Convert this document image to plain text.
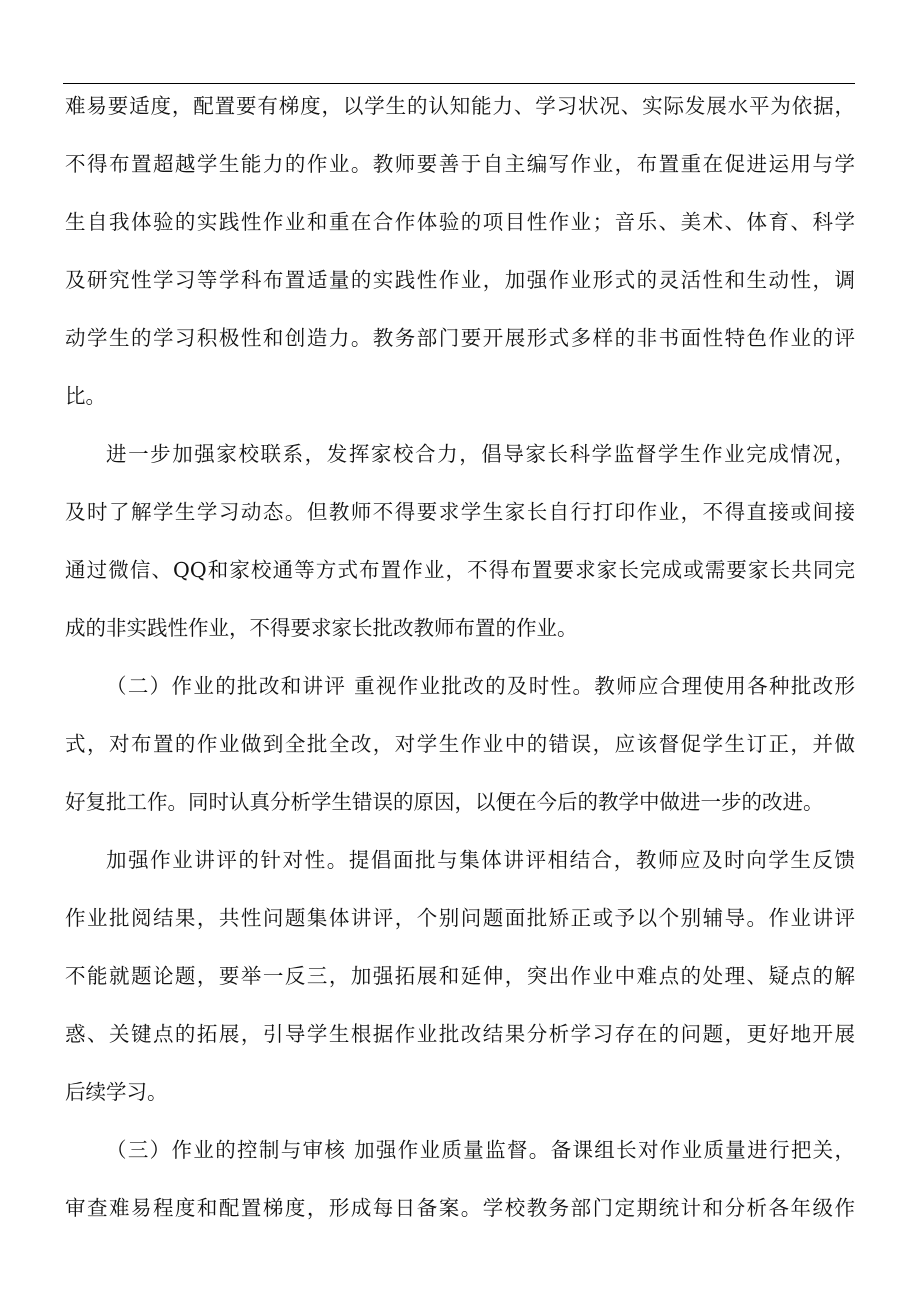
难易要适度，配置要有梯度，以学生的认知能力、学习状况、实际发展水平为依据，
不得布置超越学生能力的作业。教师要善于自主编写作业，布置重在促进运用与学
生自我体验的实践性作业和重在合作体验的项目性作业；音乐、美术、体育、科学
及研究性学习等学科布置适量的实践性作业，加强作业形式的灵活性和生动性，调
动学生的学习积极性和创造力。教务部门要开展形式多样的非书面性特色作业的评
比。
进一步加强家校联系，发挥家校合力，倡导家长科学监督学生作业完成情况，
及时了解学生学习动态。但教师不得要求学生家长自行打印作业，不得直接或间接
通过微信、QQ和家校通等方式布置作业，不得布置要求家长完成或需要家长共同完
成的非实践性作业，不得要求家长批改教师布置的作业。
（二）作业的批改和讲评 重视作业批改的及时性。教师应合理使用各种批改形
式，对布置的作业做到全批全改，对学生作业中的错误，应该督促学生订正，并做
好复批工作。同时认真分析学生错误的原因，以便在今后的教学中做进一步的改进。
加强作业讲评的针对性。提倡面批与集体讲评相结合，教师应及时向学生反馈
作业批阅结果，共性问题集体讲评，个别问题面批矫正或予以个别辅导。作业讲评
不能就题论题，要举一反三，加强拓展和延伸，突出作业中难点的处理、疑点的解
惑、关键点的拓展，引导学生根据作业批改结果分析学习存在的问题，更好地开展
后续学习。
（三）作业的控制与审核 加强作业质量监督。备课组长对作业质量进行把关，
审查难易程度和配置梯度，形成每日备案。学校教务部门定期统计和分析各年级作
